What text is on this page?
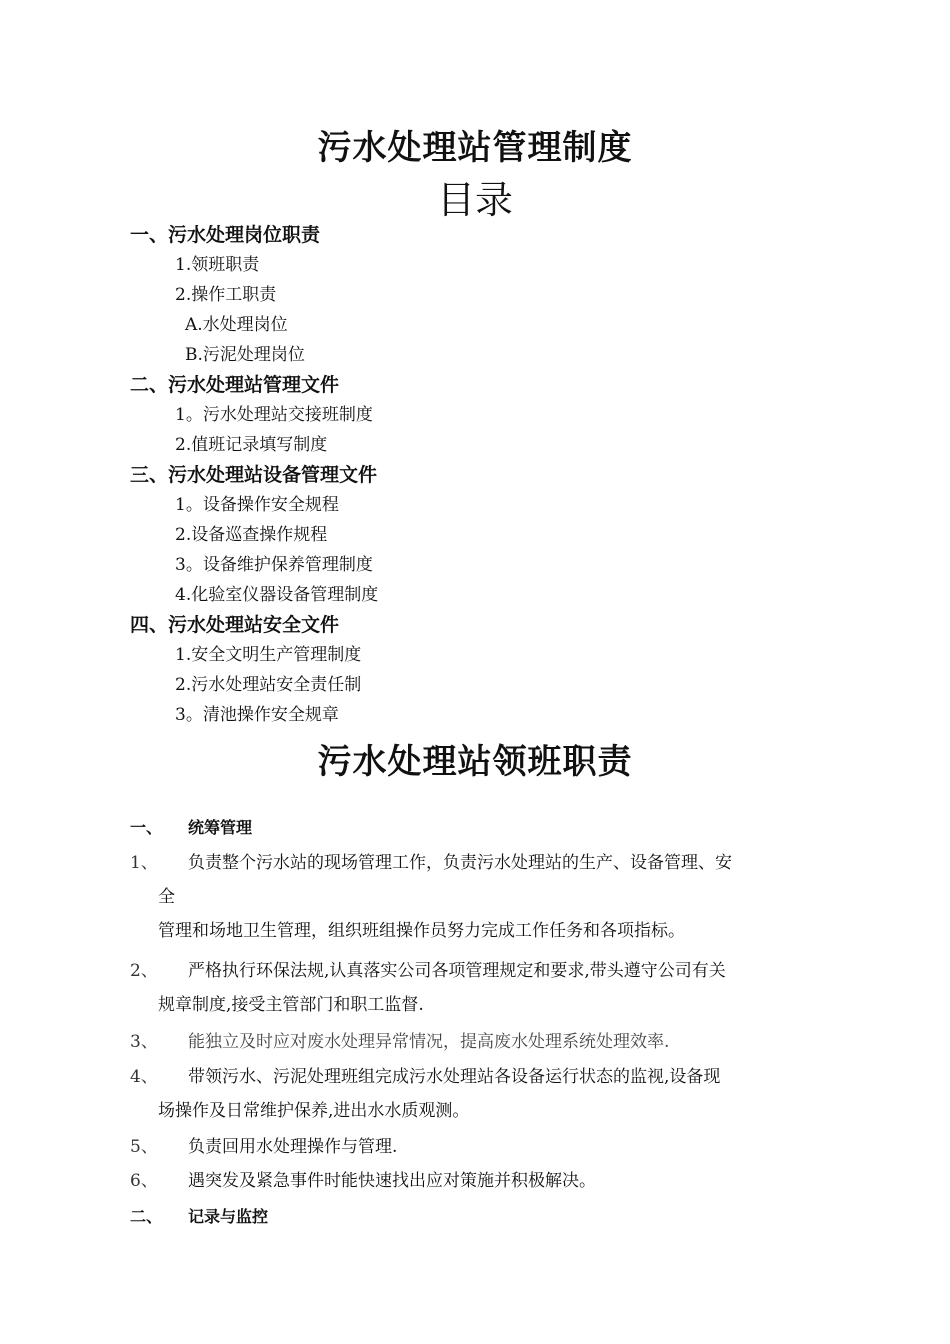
污水处理站管理制度
目录
一、污水处理岗位职责
1.领班职责
2.操作工职责
A.水处理岗位
B.污泥处理岗位
二、污水处理站管理文件
1。污水处理站交接班制度
2.值班记录填写制度
三、污水处理站设备管理文件
1。设备操作安全规程
2.设备巡查操作规程
3。设备维护保养管理制度
4.化验室仪器设备管理制度
四、污水处理站安全文件
1.安全文明生产管理制度
2.污水处理站安全责任制
3。清池操作安全规章
污水处理站领班职责
一、 统筹管理
1、 负责整个污水站的现场管理工作，负责污水处理站的生产、设备管理、安
全
管理和场地卫生管理，组织班组操作员努力完成工作任务和各项指标。
2、 严格执行环保法规,认真落实公司各项管理规定和要求,带头遵守公司有关
规章制度,接受主管部门和职工监督.
3、 能独立及时应对废水处理异常情况，提高废水处理系统处理效率.
4、 带领污水、污泥处理班组完成污水处理站各设备运行状态的监视,设备现
场操作及日常维护保养,进出水水质观测。
5、 负责回用水处理操作与管理.
6、 遇突发及紧急事件时能快速找出应对策施并积极解决。
二、 记录与监控
